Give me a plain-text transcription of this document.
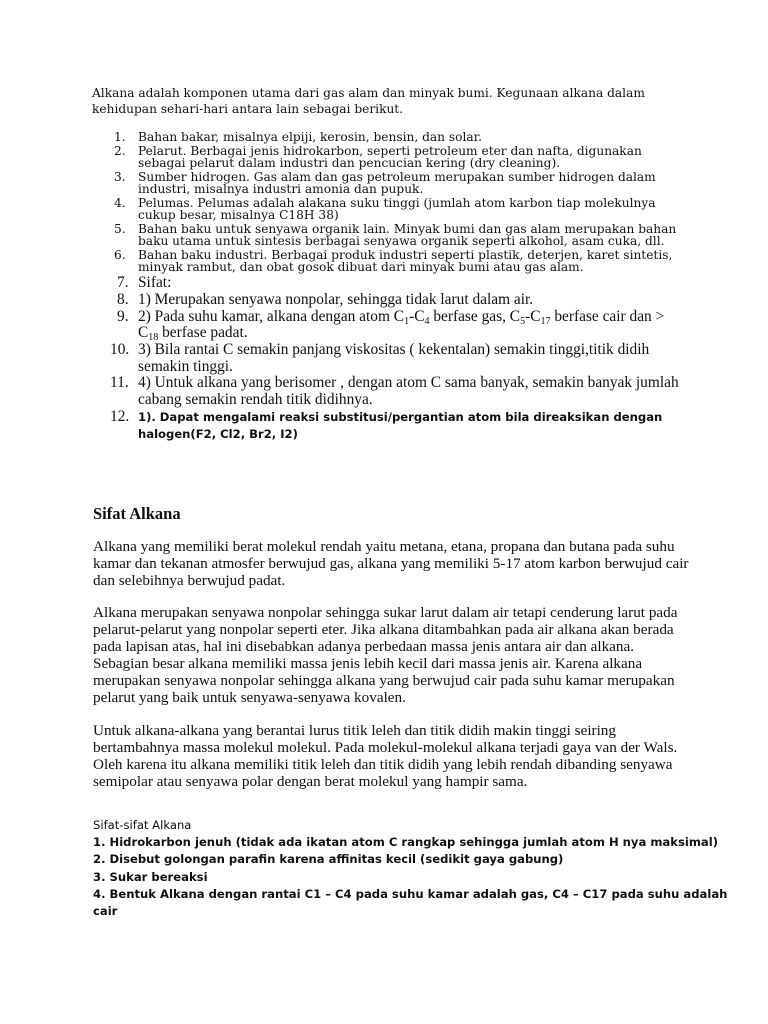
Alkana adalah komponen utama dari gas alam dan minyak bumi. Kegunaan alkana dalam kehidupan sehari-hari antara lain sebagai berikut.

1.	Bahan bakar, misalnya elpiji, kerosin, bensin, dan solar.
2.	Pelarut. Berbagai jenis hidrokarbon, seperti petroleum eter dan nafta, digunakan sebagai pelarut dalam industri dan pencucian kering (dry cleaning).
3.	Sumber hidrogen. Gas alam dan gas petroleum merupakan sumber hidrogen dalam industri, misalnya industri amonia dan pupuk.
4.	Pelumas. Pelumas adalah alakana suku tinggi (jumlah atom karbon tiap molekulnya cukup besar, misalnya C18H 38)
5.	Bahan baku untuk senyawa organik lain. Minyak bumi dan gas alam merupakan bahan baku utama untuk sintesis berbagai senyawa organik seperti alkohol, asam cuka, dll.
6.	Bahan baku industri. Berbagai produk industri seperti plastik, deterjen, karet sintetis, minyak rambut, dan obat gosok dibuat dari minyak bumi atau gas alam.
7. Sifat:
8. 1) Merupakan senyawa nonpolar, sehingga tidak larut dalam air.
9. 2) Pada suhu kamar, alkana dengan atom $C_1-C_4$ berfase gas, $C_5-C_{17}$ berfase cair dan > $C_{18}$ berfase padat.
10. 3) Bila rantai C semakin panjang viskositas ( kekentalan) semakin tinggi,titik didih semakin tinggi.
11. 4) Untuk alkana yang berisomer , dengan atom C sama banyak, semakin banyak jumlah cabang semakin rendah titik didihnya.
12. 1). Dapat mengalami reaksi substitusi/pergantian atom bila direaksikan dengan halogen(F2, Cl2, Br2, I2)
Sifat Alkana

Alkana yang memiliki berat molekul rendah yaitu metana, etana, propana dan butana pada suhu kamar dan tekanan atmosfer berwujud gas, alkana yang memiliki 5-17 atom karbon berwujud cair dan selebihnya berwujud padat.

Alkana merupakan senyawa nonpolar sehingga sukar larut dalam air tetapi cenderung larut pada pelarut-pelarut yang nonpolar seperti eter. Jika alkana ditambahkan pada air alkana akan berada pada lapisan atas, hal ini disebabkan adanya perbedaan massa jenis antara air dan alkana. Sebagian besar alkana memiliki massa jenis lebih kecil dari massa jenis air. Karena alkana merupakan senyawa nonpolar sehingga alkana yang berwujud cair pada suhu kamar merupakan pelarut yang baik untuk senyawa-senyawa kovalen.

Untuk alkana-alkana yang berantai lurus titik leleh dan titik didih makin tinggi seiring bertambahnya massa molekul molekul. Pada molekul-molekul alkana terjadi gaya van der Wals. Oleh karena itu alkana memiliki titik leleh dan titik didih yang lebih rendah dibanding senyawa semipolar atau senyawa polar dengan berat molekul yang hampir sama.

Sifat-sifat Alkana
1. Hidrokarbon jenuh (tidak ada ikatan atom C rangkap sehingga jumlah atom H nya maksimal)
2. Disebut golongan parafin karena affinitas kecil (sedikit gaya gabung)
3. Sukar bereaksi
4. Bentuk Alkana dengan rantai C1 – C4 pada suhu kamar adalah gas, C4 – C17 pada suhu adalah cair
